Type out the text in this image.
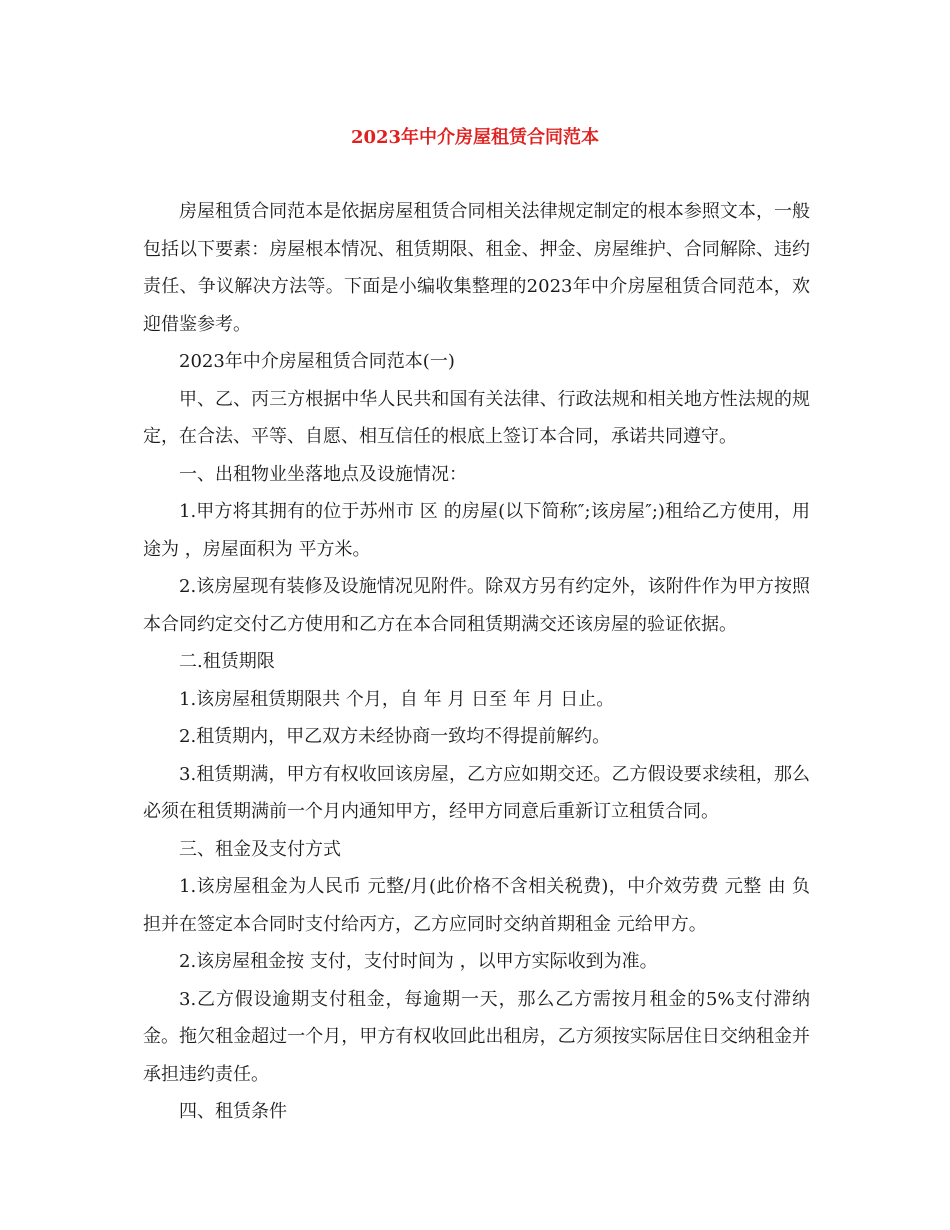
2023年中介房屋租赁合同范本

房屋租赁合同范本是依据房屋租赁合同相关法律规定制定的根本参照文本，一般包括以下要素：房屋根本情况、租赁期限、租金、押金、房屋维护、合同解除、违约责任、争议解决方法等。下面是小编收集整理的2023年中介房屋租赁合同范本，欢迎借鉴参考。

2023年中介房屋租赁合同范本(一)

甲、乙、丙三方根据中华人民共和国有关法律、行政法规和相关地方性法规的规定，在合法、平等、自愿、相互信任的根底上签订本合同，承诺共同遵守。

一、出租物业坐落地点及设施情况：

1.甲方将其拥有的位于苏州市 区 的房屋(以下简称″;该房屋″;)租给乙方使用，用途为 ，房屋面积为 平方米。

2.该房屋现有装修及设施情况见附件。除双方另有约定外，该附件作为甲方按照本合同约定交付乙方使用和乙方在本合同租赁期满交还该房屋的验证依据。

二.租赁期限

1.该房屋租赁期限共 个月，自 年 月 日至 年 月 日止。

2.租赁期内，甲乙双方未经协商一致均不得提前解约。

3.租赁期满，甲方有权收回该房屋，乙方应如期交还。乙方假设要求续租，那么必须在租赁期满前一个月内通知甲方，经甲方同意后重新订立租赁合同。

三、租金及支付方式

1.该房屋租金为人民币 元整/月(此价格不含相关税费)，中介效劳费 元整 由 负担并在签定本合同时支付给丙方，乙方应同时交纳首期租金 元给甲方。

2.该房屋租金按 支付，支付时间为 ，以甲方实际收到为准。

3.乙方假设逾期支付租金，每逾期一天，那么乙方需按月租金的5%支付滞纳金。拖欠租金超过一个月，甲方有权收回此出租房，乙方须按实际居住日交纳租金并承担违约责任。

四、租赁条件
